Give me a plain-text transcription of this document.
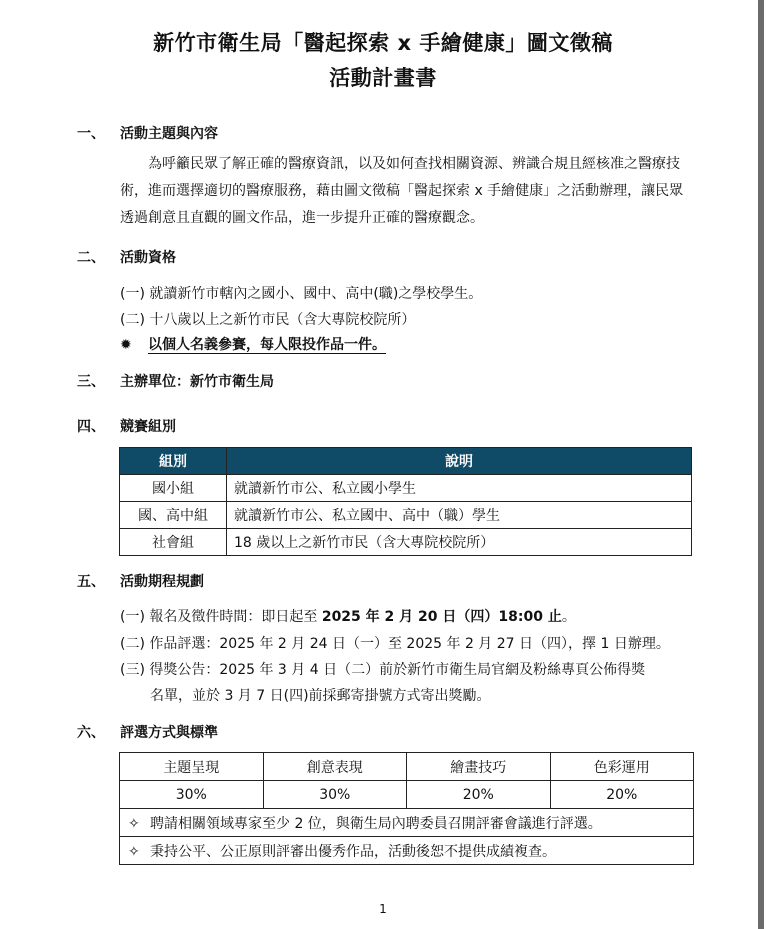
新竹市衛生局「醫起探索 x 手繪健康」圖文徵稿
活動計畫書
一、 活動主題與內容
　　為呼籲民眾了解正確的醫療資訊，以及如何查找相關資源、辨識合規且經核准之醫療技術，進而選擇適切的醫療服務，藉由圖文徵稿「醫起探索 x 手繪健康」之活動辦理，讓民眾透過創意且直觀的圖文作品，進一步提升正確的醫療觀念。
二、 活動資格
(一) 就讀新竹市轄內之國小、國中、高中(職)之學校學生。
(二) 十八歲以上之新竹市民（含大專院校院所）
✹ 以個人名義參賽，每人限投作品一件。
三、 主辦單位：新竹市衛生局
四、 競賽組別
組別	說明
國小組	就讀新竹市公、私立國小學生
國、高中組	就讀新竹市公、私立國中、高中（職）學生
社會組	18 歲以上之新竹市民（含大專院校院所）
五、 活動期程規劃
(一) 報名及徵件時間：即日起至 2025 年 2 月 20 日（四）18:00 止。
(二) 作品評選：2025 年 2 月 24 日（一）至 2025 年 2 月 27 日（四），擇 1 日辦理。
(三) 得獎公告：2025 年 3 月 4 日（二）前於新竹市衛生局官網及粉絲專頁公佈得獎
名單，並於 3 月 7 日(四)前採郵寄掛號方式寄出獎勵。
六、 評選方式與標準
主題呈現	創意表現	繪畫技巧	色彩運用
30%	30%	20%	20%
✧ 聘請相關領域專家至少 2 位，與衛生局內聘委員召開評審會議進行評選。			
✧ 秉持公平、公正原則評審出優秀作品，活動後恕不提供成績複查。			
1
